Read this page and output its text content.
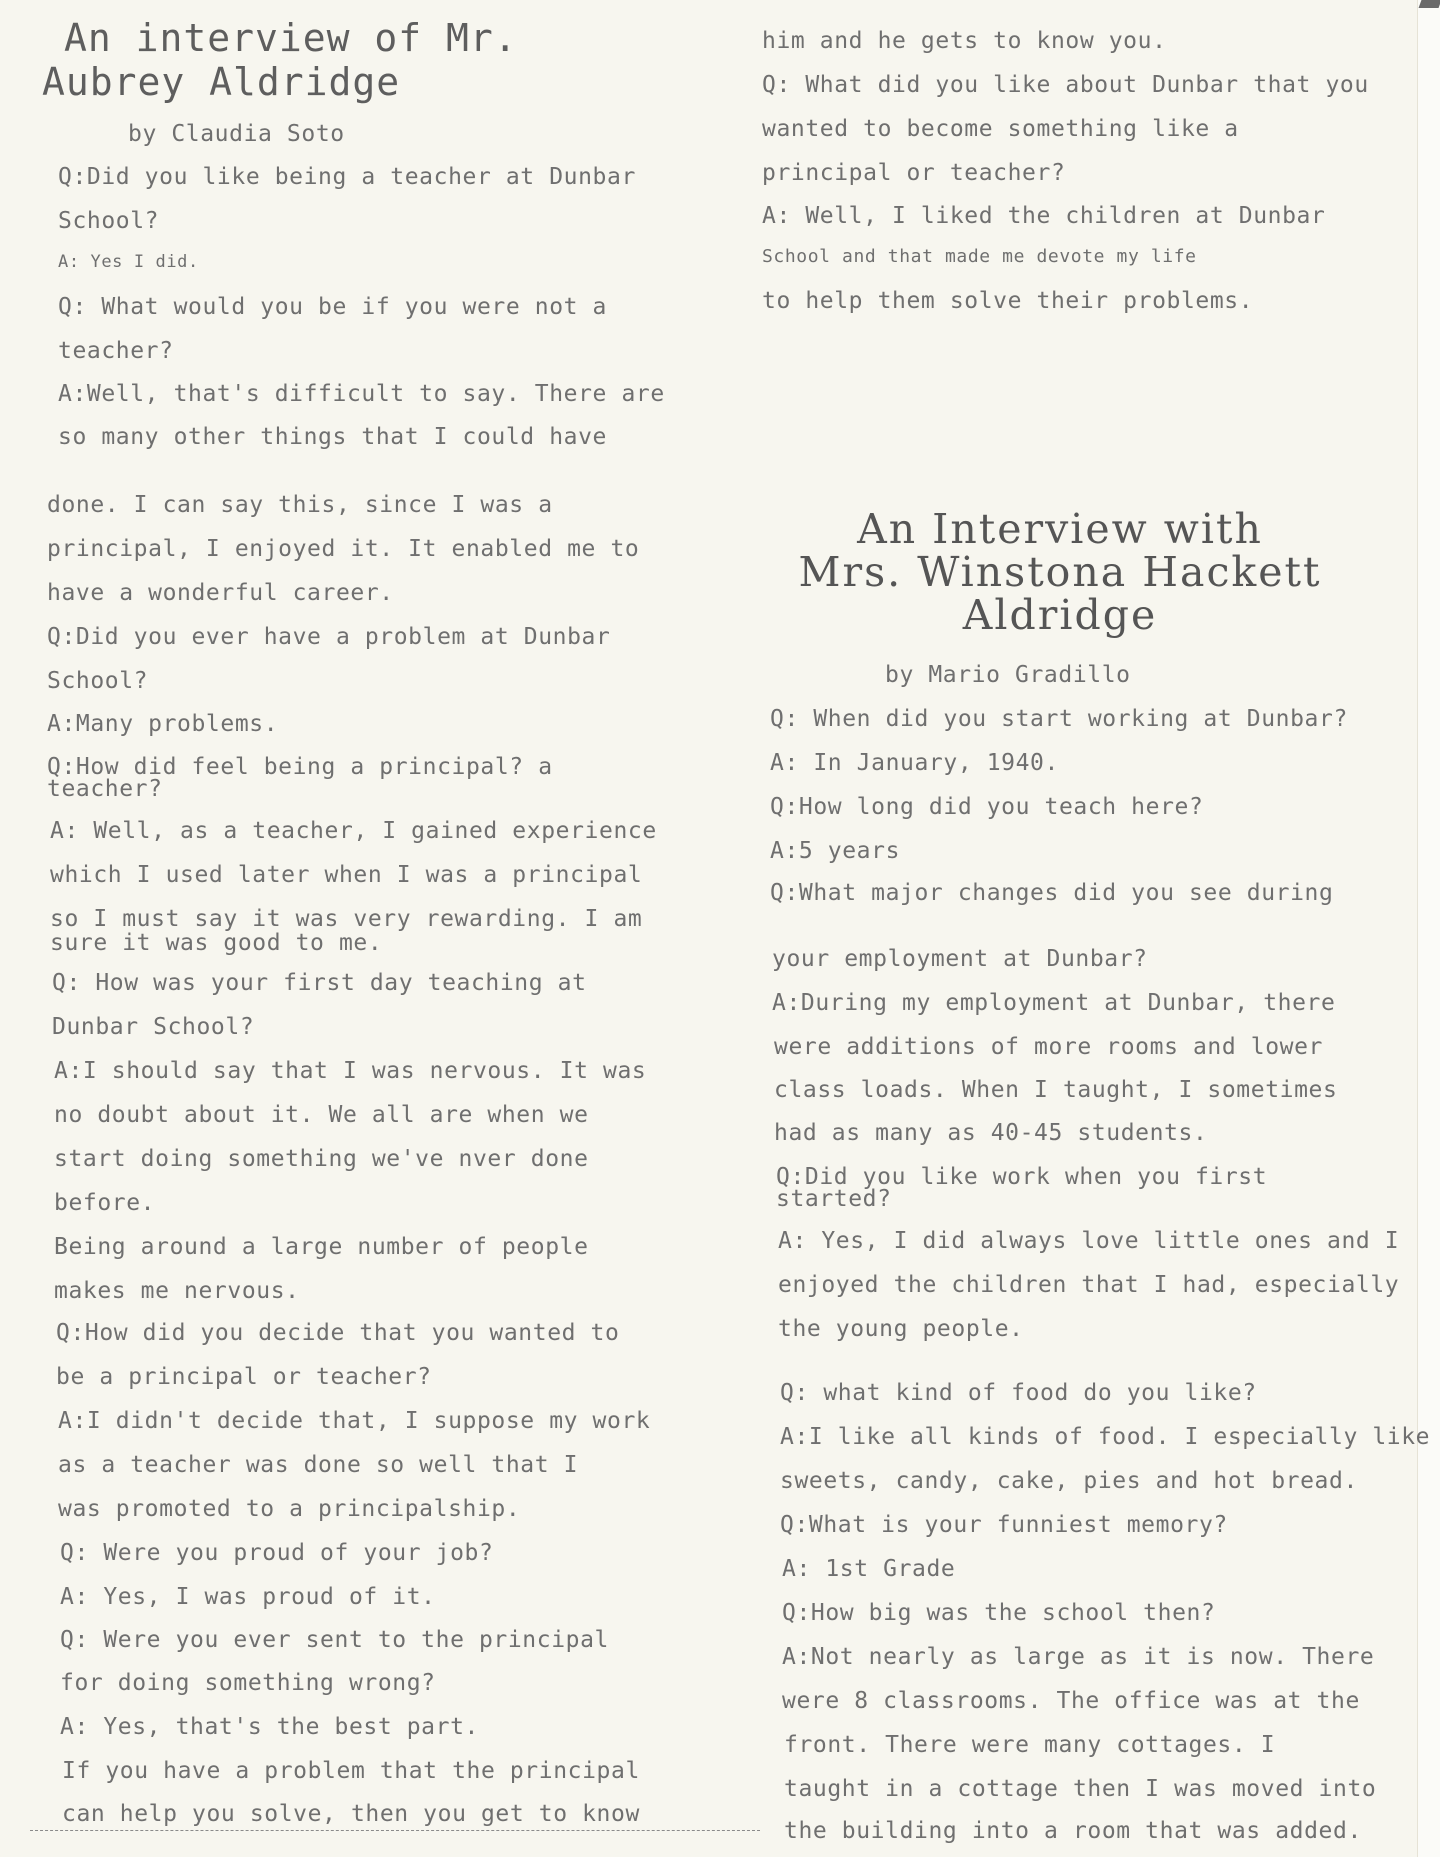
An interview of Mr.
Aubrey Aldridge
by Claudia Soto
Q:Did you like being a teacher at Dunbar
School?
A: Yes I did.
Q: What would you be if you were not a
teacher?
A:Well, that's difficult to say. There are
so many other things that I could have
done. I can say this, since I was a
principal, I enjoyed it. It enabled me to
have a wonderful career.
Q:Did you ever have a problem at Dunbar
School?
A:Many problems.
Q:How did feel being a principal? a
teacher?
A: Well, as a teacher, I gained experience
which I used later when I was a principal
so I must say it was very rewarding. I am
sure it was good to me.
Q: How was your first day teaching at
Dunbar School?
A:I should say that I was nervous. It was
no doubt about it. We all are when we
start doing something we've nver done
before.
Being around a large number of people
makes me nervous.
Q:How did you decide that you wanted to
be a principal or teacher?
A:I didn't decide that, I suppose my work
as a teacher was done so well that I
was promoted to a principalship.
Q: Were you proud of your job?
A: Yes, I was proud of it.
Q: Were you ever sent to the principal
for doing something wrong?
A: Yes, that's the best part.
If you have a problem that the principal
can help you solve, then you get to know
him and he gets to know you.
Q: What did you like about Dunbar that you
wanted to become something like a
principal or teacher?
A: Well, I liked the children at Dunbar
School and that made me devote my life
to help them solve their problems.
An Interview with
Mrs. Winstona Hackett
Aldridge
by Mario Gradillo
Q: When did you start working at Dunbar?
A: In January, 1940.
Q:How long did you teach here?
A:5 years
Q:What major changes did you see during
your employment at Dunbar?
A:During my employment at Dunbar, there
were additions of more rooms and lower
class loads. When I taught, I sometimes
had as many as 40-45 students.
Q:Did you like work when you first
started?
A: Yes, I did always love little ones and I
enjoyed the children that I had, especially
the young people.
Q: what kind of food do you like?
A:I like all kinds of food. I especially like
sweets, candy, cake, pies and hot bread.
Q:What is your funniest memory?
A: 1st Grade
Q:How big was the school then?
A:Not nearly as large as it is now. There
were 8 classrooms. The office was at the
front. There were many cottages. I
taught in a cottage then I was moved into
the building into a room that was added.
